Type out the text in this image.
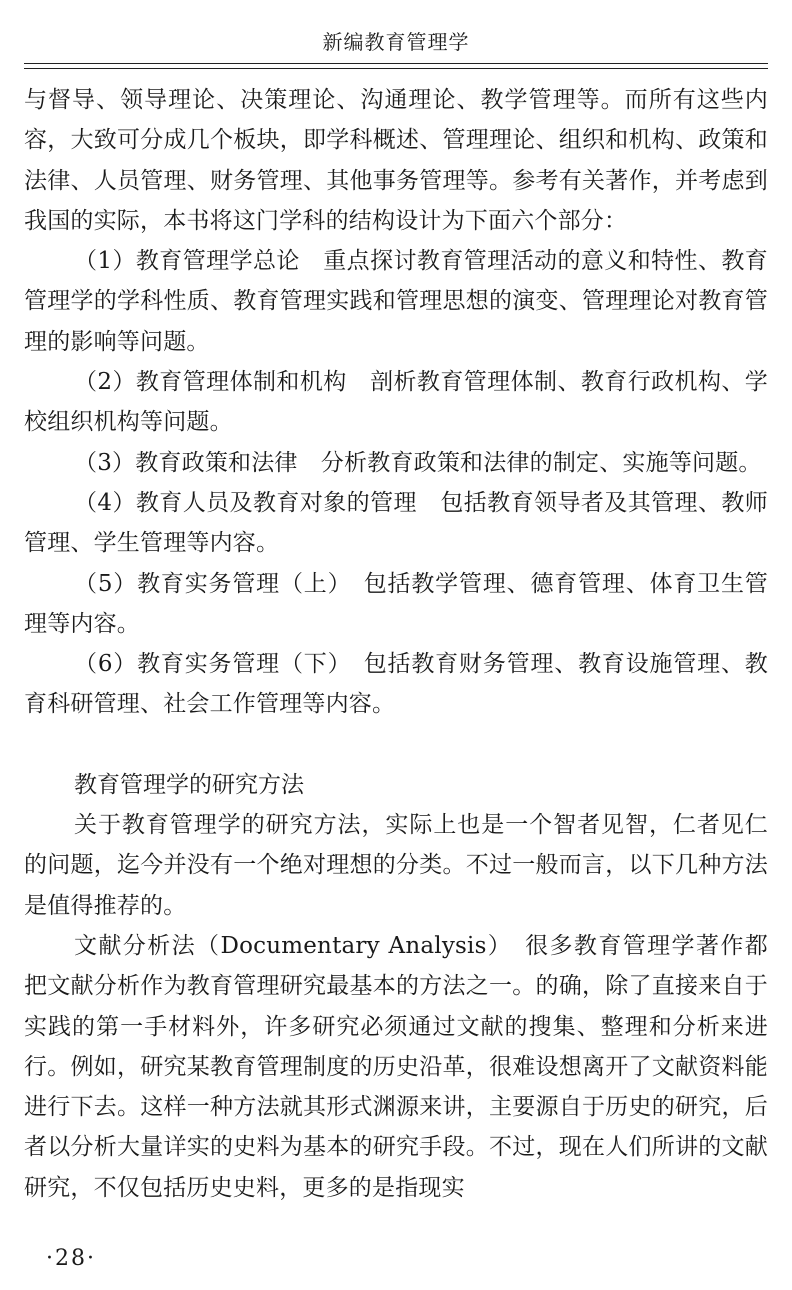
新编教育管理学

与督导、领导理论、决策理论、沟通理论、教学管理等。而所有这些内容，大致可分成几个板块，即学科概述、管理理论、组织和机构、政策和法律、人员管理、财务管理、其他事务管理等。参考有关著作，并考虑到我国的实际，本书将这门学科的结构设计为下面六个部分：

（1）教育管理学总论　重点探讨教育管理活动的意义和特性、教育管理学的学科性质、教育管理实践和管理思想的演变、管理理论对教育管理的影响等问题。

（2）教育管理体制和机构　剖析教育管理体制、教育行政机构、学校组织机构等问题。

（3）教育政策和法律　分析教育政策和法律的制定、实施等问题。

（4）教育人员及教育对象的管理　包括教育领导者及其管理、教师管理、学生管理等内容。

（5）教育实务管理（上）　包括教学管理、德育管理、体育卫生管理等内容。

（6）教育实务管理（下）　包括教育财务管理、教育设施管理、教育科研管理、社会工作管理等内容。

教育管理学的研究方法

关于教育管理学的研究方法，实际上也是一个智者见智，仁者见仁的问题，迄今并没有一个绝对理想的分类。不过一般而言，以下几种方法是值得推荐的。

文献分析法（Documentary Analysis）　很多教育管理学著作都把文献分析作为教育管理研究最基本的方法之一。的确，除了直接来自于实践的第一手材料外，许多研究必须通过文献的搜集、整理和分析来进行。例如，研究某教育管理制度的历史沿革，很难设想离开了文献资料能进行下去。这样一种方法就其形式渊源来讲，主要源自于历史的研究，后者以分析大量详实的史料为基本的研究手段。不过，现在人们所讲的文献研究，不仅包括历史史料，更多的是指现实

·28·
